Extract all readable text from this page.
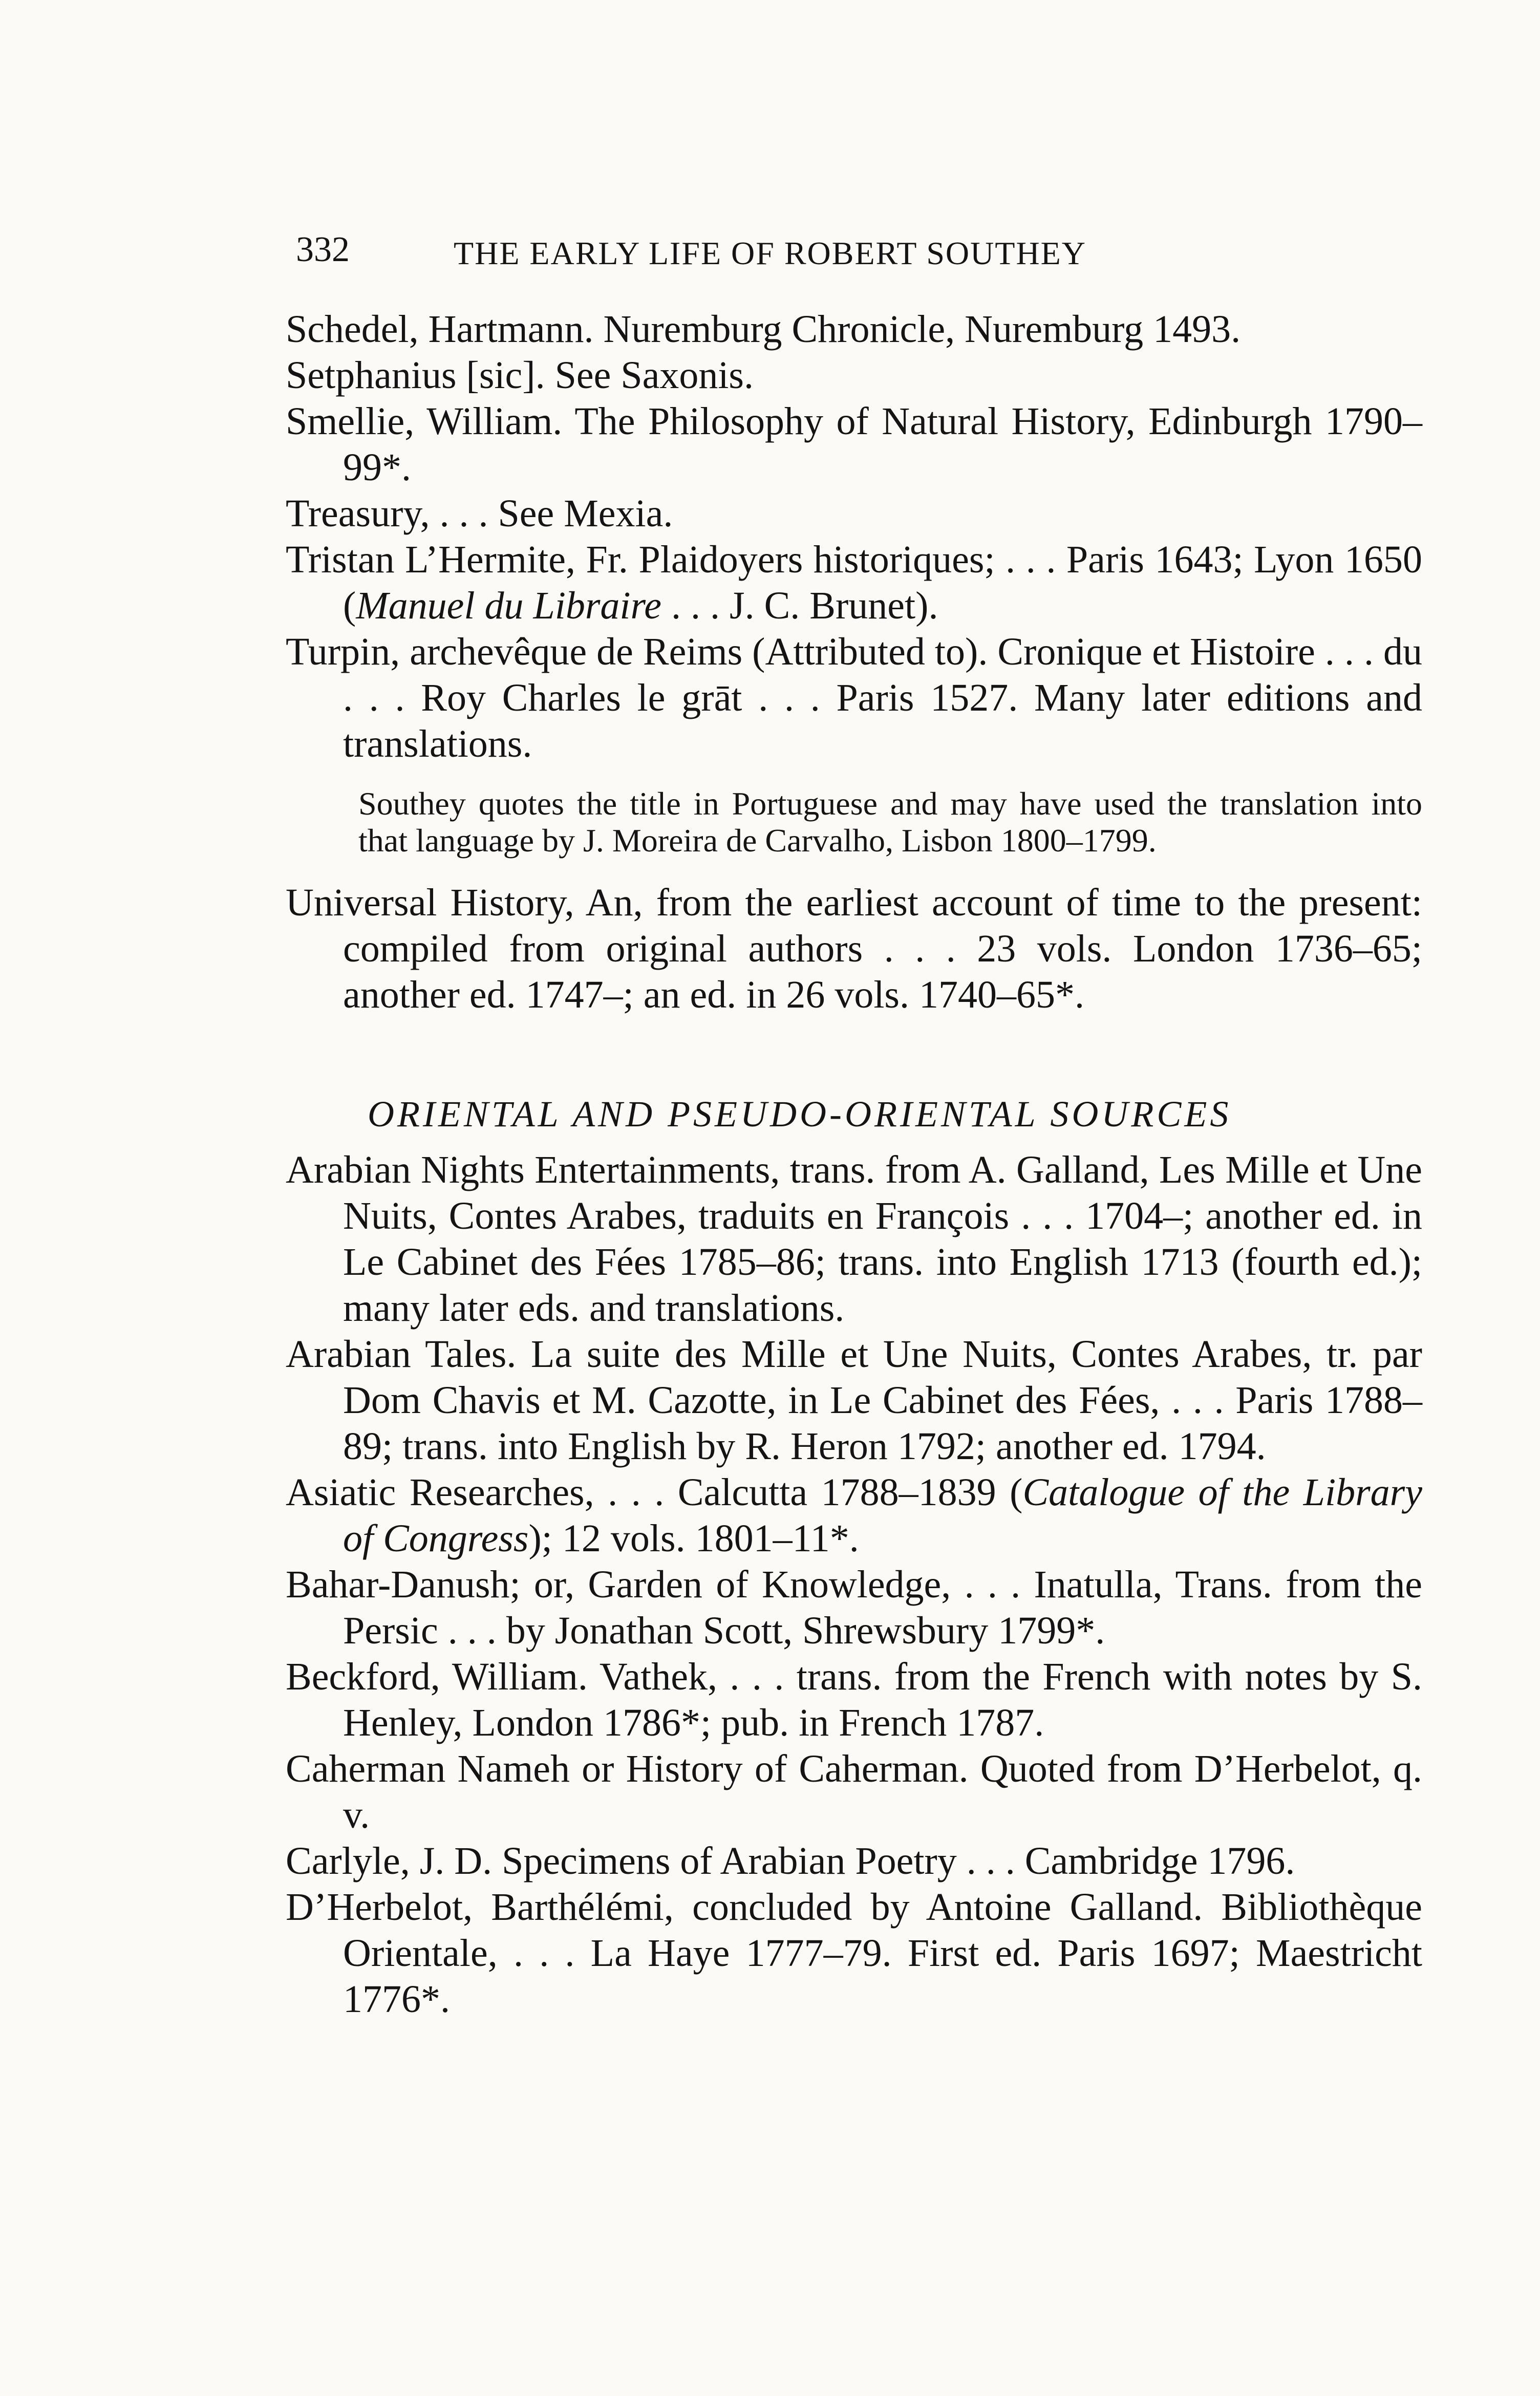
332	THE EARLY LIFE OF ROBERT SOUTHEY

Schedel, Hartmann. Nuremburg Chronicle, Nuremburg 1493.

Setphanius [sic]. See Saxonis.

Smellie, William. The Philosophy of Natural History, Edinburgh 1790–99*.

Treasury, . . . See Mexia.

Tristan L’Hermite, Fr. Plaidoyers historiques; . . . Paris 1643; Lyon 1650 (Manuel du Libraire . . . J. C. Brunet).

Turpin, archevêque de Reims (Attributed to). Cronique et Histoire . . . du . . . Roy Charles le grāt . . . Paris 1527. Many later editions and translations.

Southey quotes the title in Portuguese and may have used the translation into that language by J. Moreira de Carvalho, Lisbon 1800–1799.

Universal History, An, from the earliest account of time to the present: compiled from original authors . . . 23 vols. London 1736–65; another ed. 1747–; an ed. in 26 vols. 1740–65*.

ORIENTAL AND PSEUDO-ORIENTAL SOURCES

Arabian Nights Entertainments, trans. from A. Galland, Les Mille et Une Nuits, Contes Arabes, traduits en François . . . 1704–; another ed. in Le Cabinet des Fées 1785–86; trans. into English 1713 (fourth ed.); many later eds. and translations.

Arabian Tales. La suite des Mille et Une Nuits, Contes Arabes, tr. par Dom Chavis et M. Cazotte, in Le Cabinet des Fées, . . . Paris 1788–89; trans. into English by R. Heron 1792; another ed. 1794.

Asiatic Researches, . . . Calcutta 1788–1839 (Catalogue of the Library of Congress); 12 vols. 1801–11*.

Bahar-Danush; or, Garden of Knowledge, . . . Inatulla, Trans. from the Persic . . . by Jonathan Scott, Shrewsbury 1799*.

Beckford, William. Vathek, . . . trans. from the French with notes by S. Henley, London 1786*; pub. in French 1787.

Caherman Nameh or History of Caherman. Quoted from D’Herbelot, q. v.

Carlyle, J. D. Specimens of Arabian Poetry . . . Cambridge 1796.

D’Herbelot, Barthélémi, concluded by Antoine Galland. Bibliothèque Orientale, . . . La Haye 1777–79. First ed. Paris 1697; Maestricht 1776*.
